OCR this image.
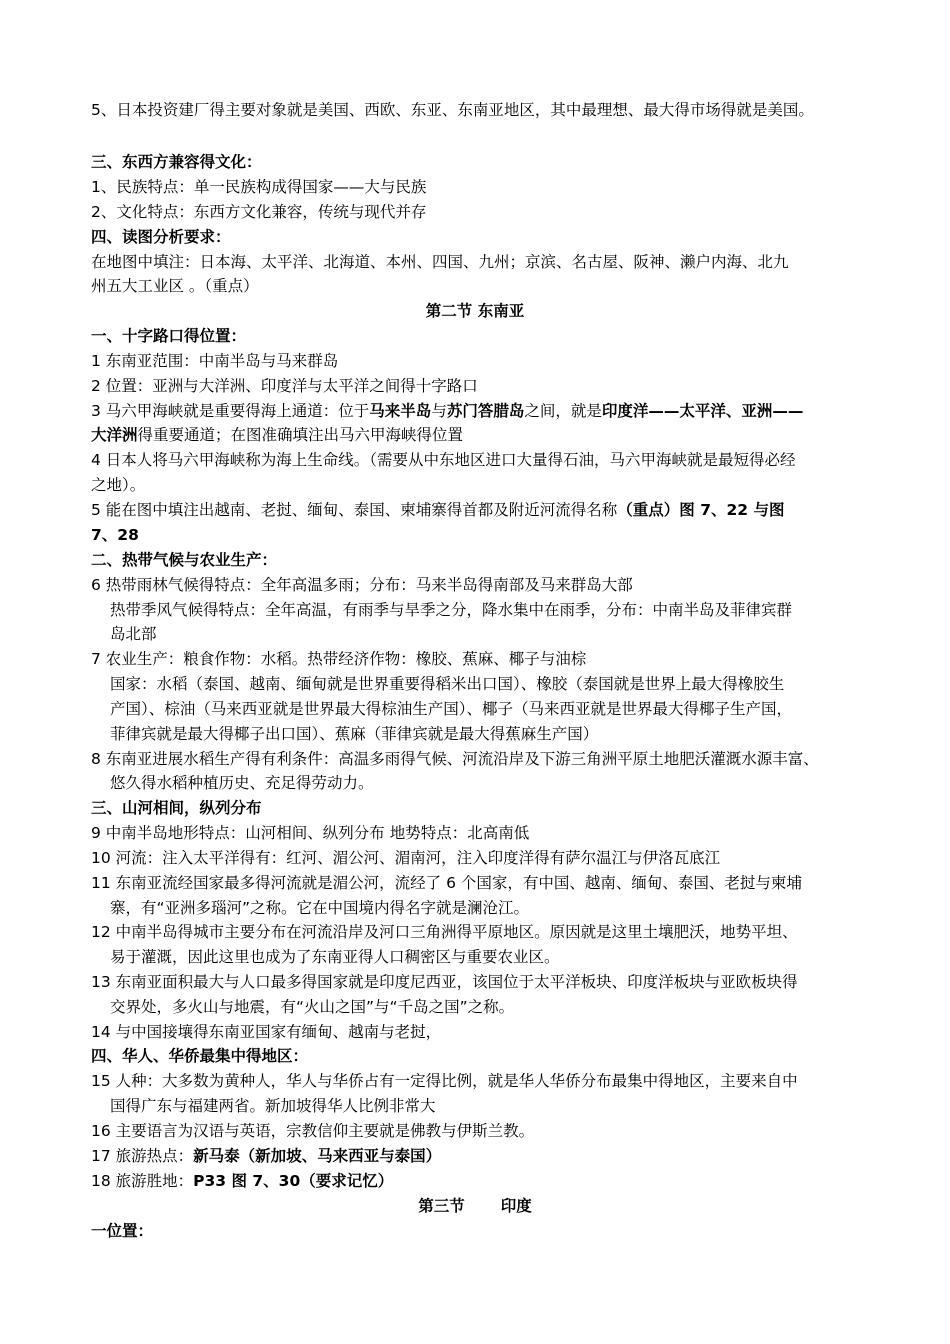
5、日本投资建厂得主要对象就是美国、西欧、东亚、东南亚地区，其中最理想、最大得市场得就是美国。
三、东西方兼容得文化：
1、民族特点：单一民族构成得国家——大与民族
2、文化特点：东西方文化兼容，传统与现代并存
四、读图分析要求：
在地图中填注：日本海、太平洋、北海道、本州、四国、九州；京滨、名古屋、阪神、濑户内海、北九
州五大工业区 。（重点）
第二节 东南亚
一、十字路口得位置：
1 东南亚范围：中南半岛与马来群岛
2 位置：亚洲与大洋洲、印度洋与太平洋之间得十字路口
3 马六甲海峡就是重要得海上通道：位于马来半岛与苏门答腊岛之间，就是印度洋——太平洋、亚洲——
大洋洲得重要通道；在图准确填注出马六甲海峡得位置
4 日本人将马六甲海峡称为海上生命线。（需要从中东地区进口大量得石油，马六甲海峡就是最短得必经
之地）。
5 能在图中填注出越南、老挝、缅甸、泰国、柬埔寨得首都及附近河流得名称（重点）图 7、22 与图
7、28
二、热带气候与农业生产：
6 热带雨林气候得特点：全年高温多雨；分布：马来半岛得南部及马来群岛大部
热带季风气候得特点：全年高温，有雨季与旱季之分，降水集中在雨季，分布：中南半岛及菲律宾群
岛北部
7 农业生产：粮食作物：水稻。热带经济作物：橡胶、蕉麻、椰子与油棕
国家：水稻（泰国、越南、缅甸就是世界重要得稻米出口国）、橡胶（泰国就是世界上最大得橡胶生
产国）、棕油（马来西亚就是世界最大得棕油生产国）、椰子（马来西亚就是世界最大得椰子生产国，
菲律宾就是最大得椰子出口国）、蕉麻（菲律宾就是最大得蕉麻生产国）
8 东南亚进展水稻生产得有利条件：高温多雨得气候、河流沿岸及下游三角洲平原土地肥沃灌溉水源丰富、
悠久得水稻种植历史、充足得劳动力。
三、山河相间，纵列分布
9 中南半岛地形特点：山河相间、纵列分布 地势特点：北高南低
10 河流：注入太平洋得有：红河、湄公河、湄南河，注入印度洋得有萨尔温江与伊洛瓦底江
11 东南亚流经国家最多得河流就是湄公河，流经了 6 个国家，有中国、越南、缅甸、泰国、老挝与柬埔
寨，有“亚洲多瑙河”之称。它在中国境内得名字就是澜沧江。
12 中南半岛得城市主要分布在河流沿岸及河口三角洲得平原地区。原因就是这里土壤肥沃，地势平坦、
易于灌溉，因此这里也成为了东南亚得人口稠密区与重要农业区。
13 东南亚面积最大与人口最多得国家就是印度尼西亚，该国位于太平洋板块、印度洋板块与亚欧板块得
交界处，多火山与地震，有“火山之国”与“千岛之国”之称。
14 与中国接壤得东南亚国家有缅甸、越南与老挝，
四、华人、华侨最集中得地区：
15 人种：大多数为黄种人，华人与华侨占有一定得比例，就是华人华侨分布最集中得地区，主要来自中
国得广东与福建两省。新加坡得华人比例非常大
16 主要语言为汉语与英语，宗教信仰主要就是佛教与伊斯兰教。
17 旅游热点：新马泰（新加坡、马来西亚与泰国）
18 旅游胜地：P33 图 7、30（要求记忆）
第三节 印度
一位置：
